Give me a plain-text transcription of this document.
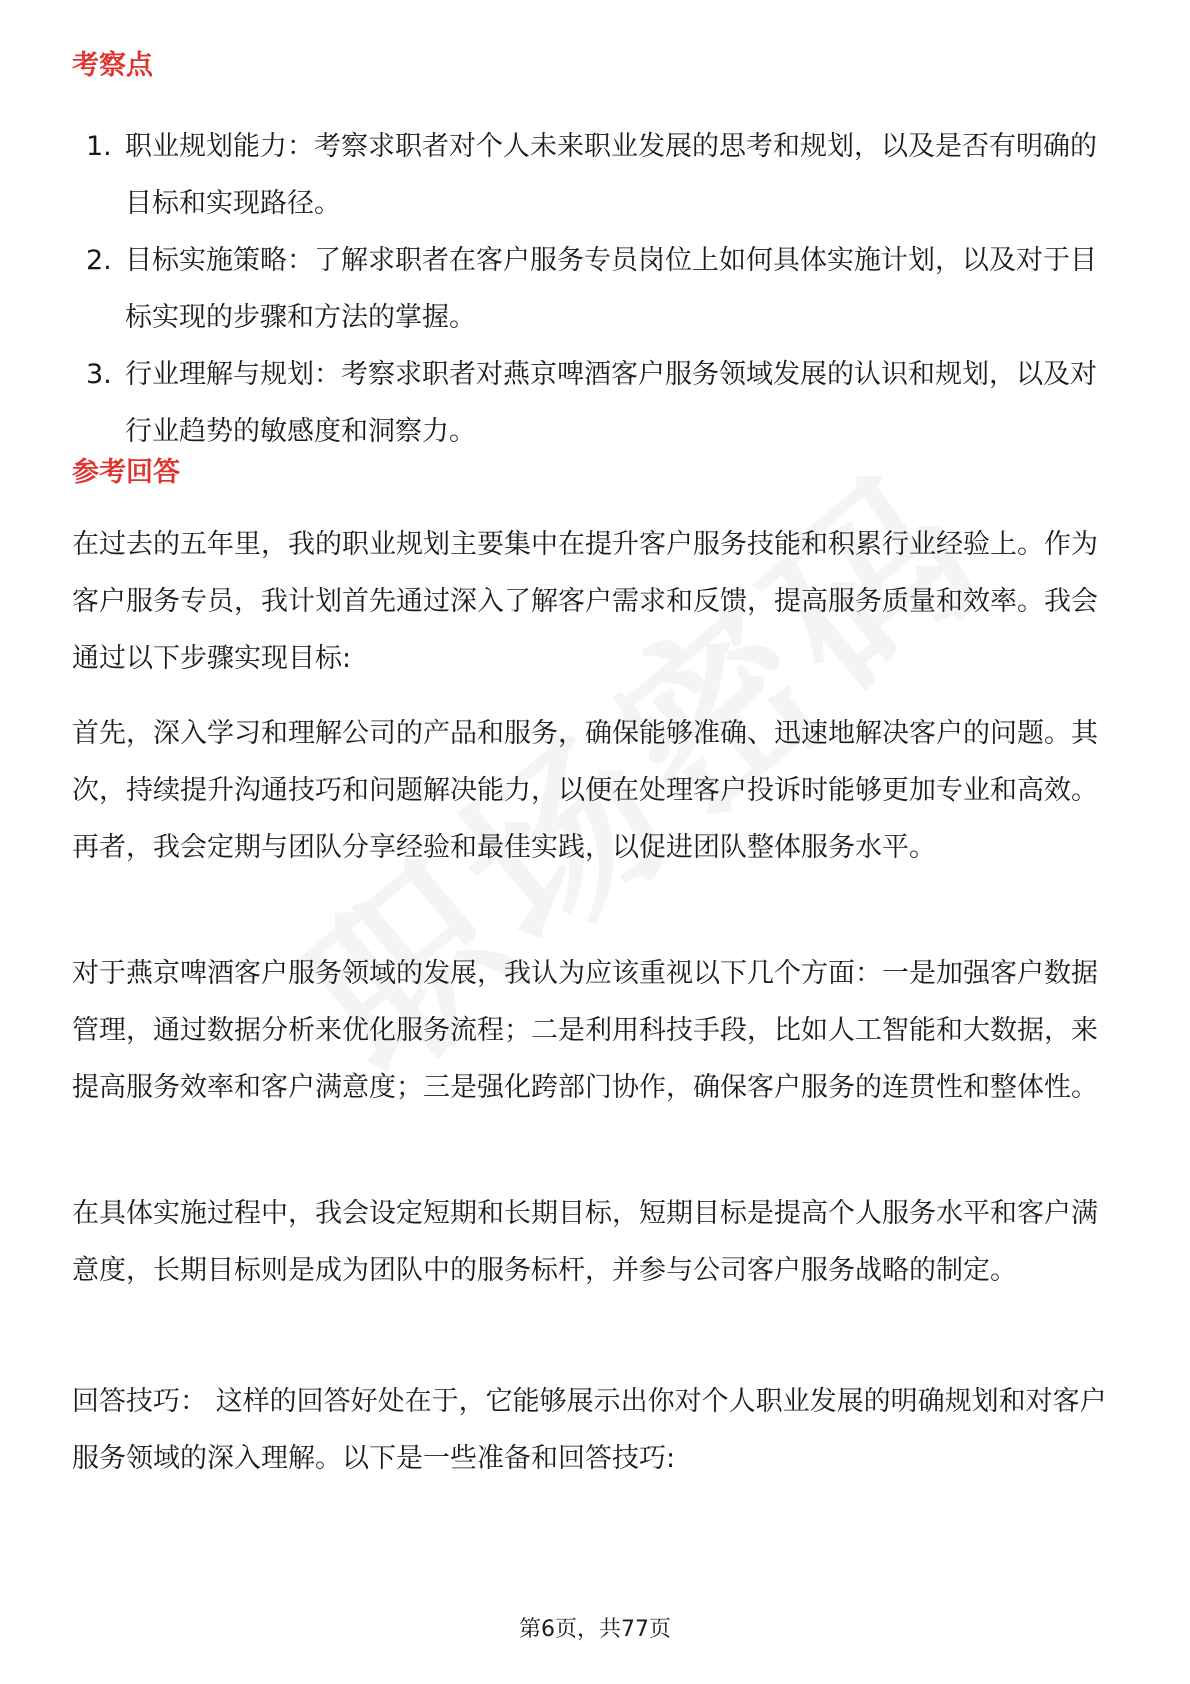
考察点
1. 职业规划能力：考察求职者对个人未来职业发展的思考和规划，以及是否有明确的目标和实现路径。
2. 目标实施策略：了解求职者在客户服务专员岗位上如何具体实施计划，以及对于目标实现的步骤和方法的掌握。
3. 行业理解与规划：考察求职者对燕京啤酒客户服务领域发展的认识和规划，以及对行业趋势的敏感度和洞察力。
参考回答

在过去的五年里，我的职业规划主要集中在提升客户服务技能和积累行业经验上。作为客户服务专员，我计划首先通过深入了解客户需求和反馈，提高服务质量和效率。我会通过以下步骤实现目标:

首先，深入学习和理解公司的产品和服务，确保能够准确、迅速地解决客户的问题。其次，持续提升沟通技巧和问题解决能力，以便在处理客户投诉时能够更加专业和高效。再者，我会定期与团队分享经验和最佳实践，以促进团队整体服务水平。

对于燕京啤酒客户服务领域的发展，我认为应该重视以下几个方面：一是加强客户数据管理，通过数据分析来优化服务流程；二是利用科技手段，比如人工智能和大数据，来提高服务效率和客户满意度；三是强化跨部门协作，确保客户服务的连贯性和整体性。

在具体实施过程中，我会设定短期和长期目标，短期目标是提高个人服务水平和客户满意度，长期目标则是成为团队中的服务标杆，并参与公司客户服务战略的制定。

回答技巧： 这样的回答好处在于，它能够展示出你对个人职业发展的明确规划和对客户服务领域的深入理解。以下是一些准备和回答技巧:

第6页，共77页
